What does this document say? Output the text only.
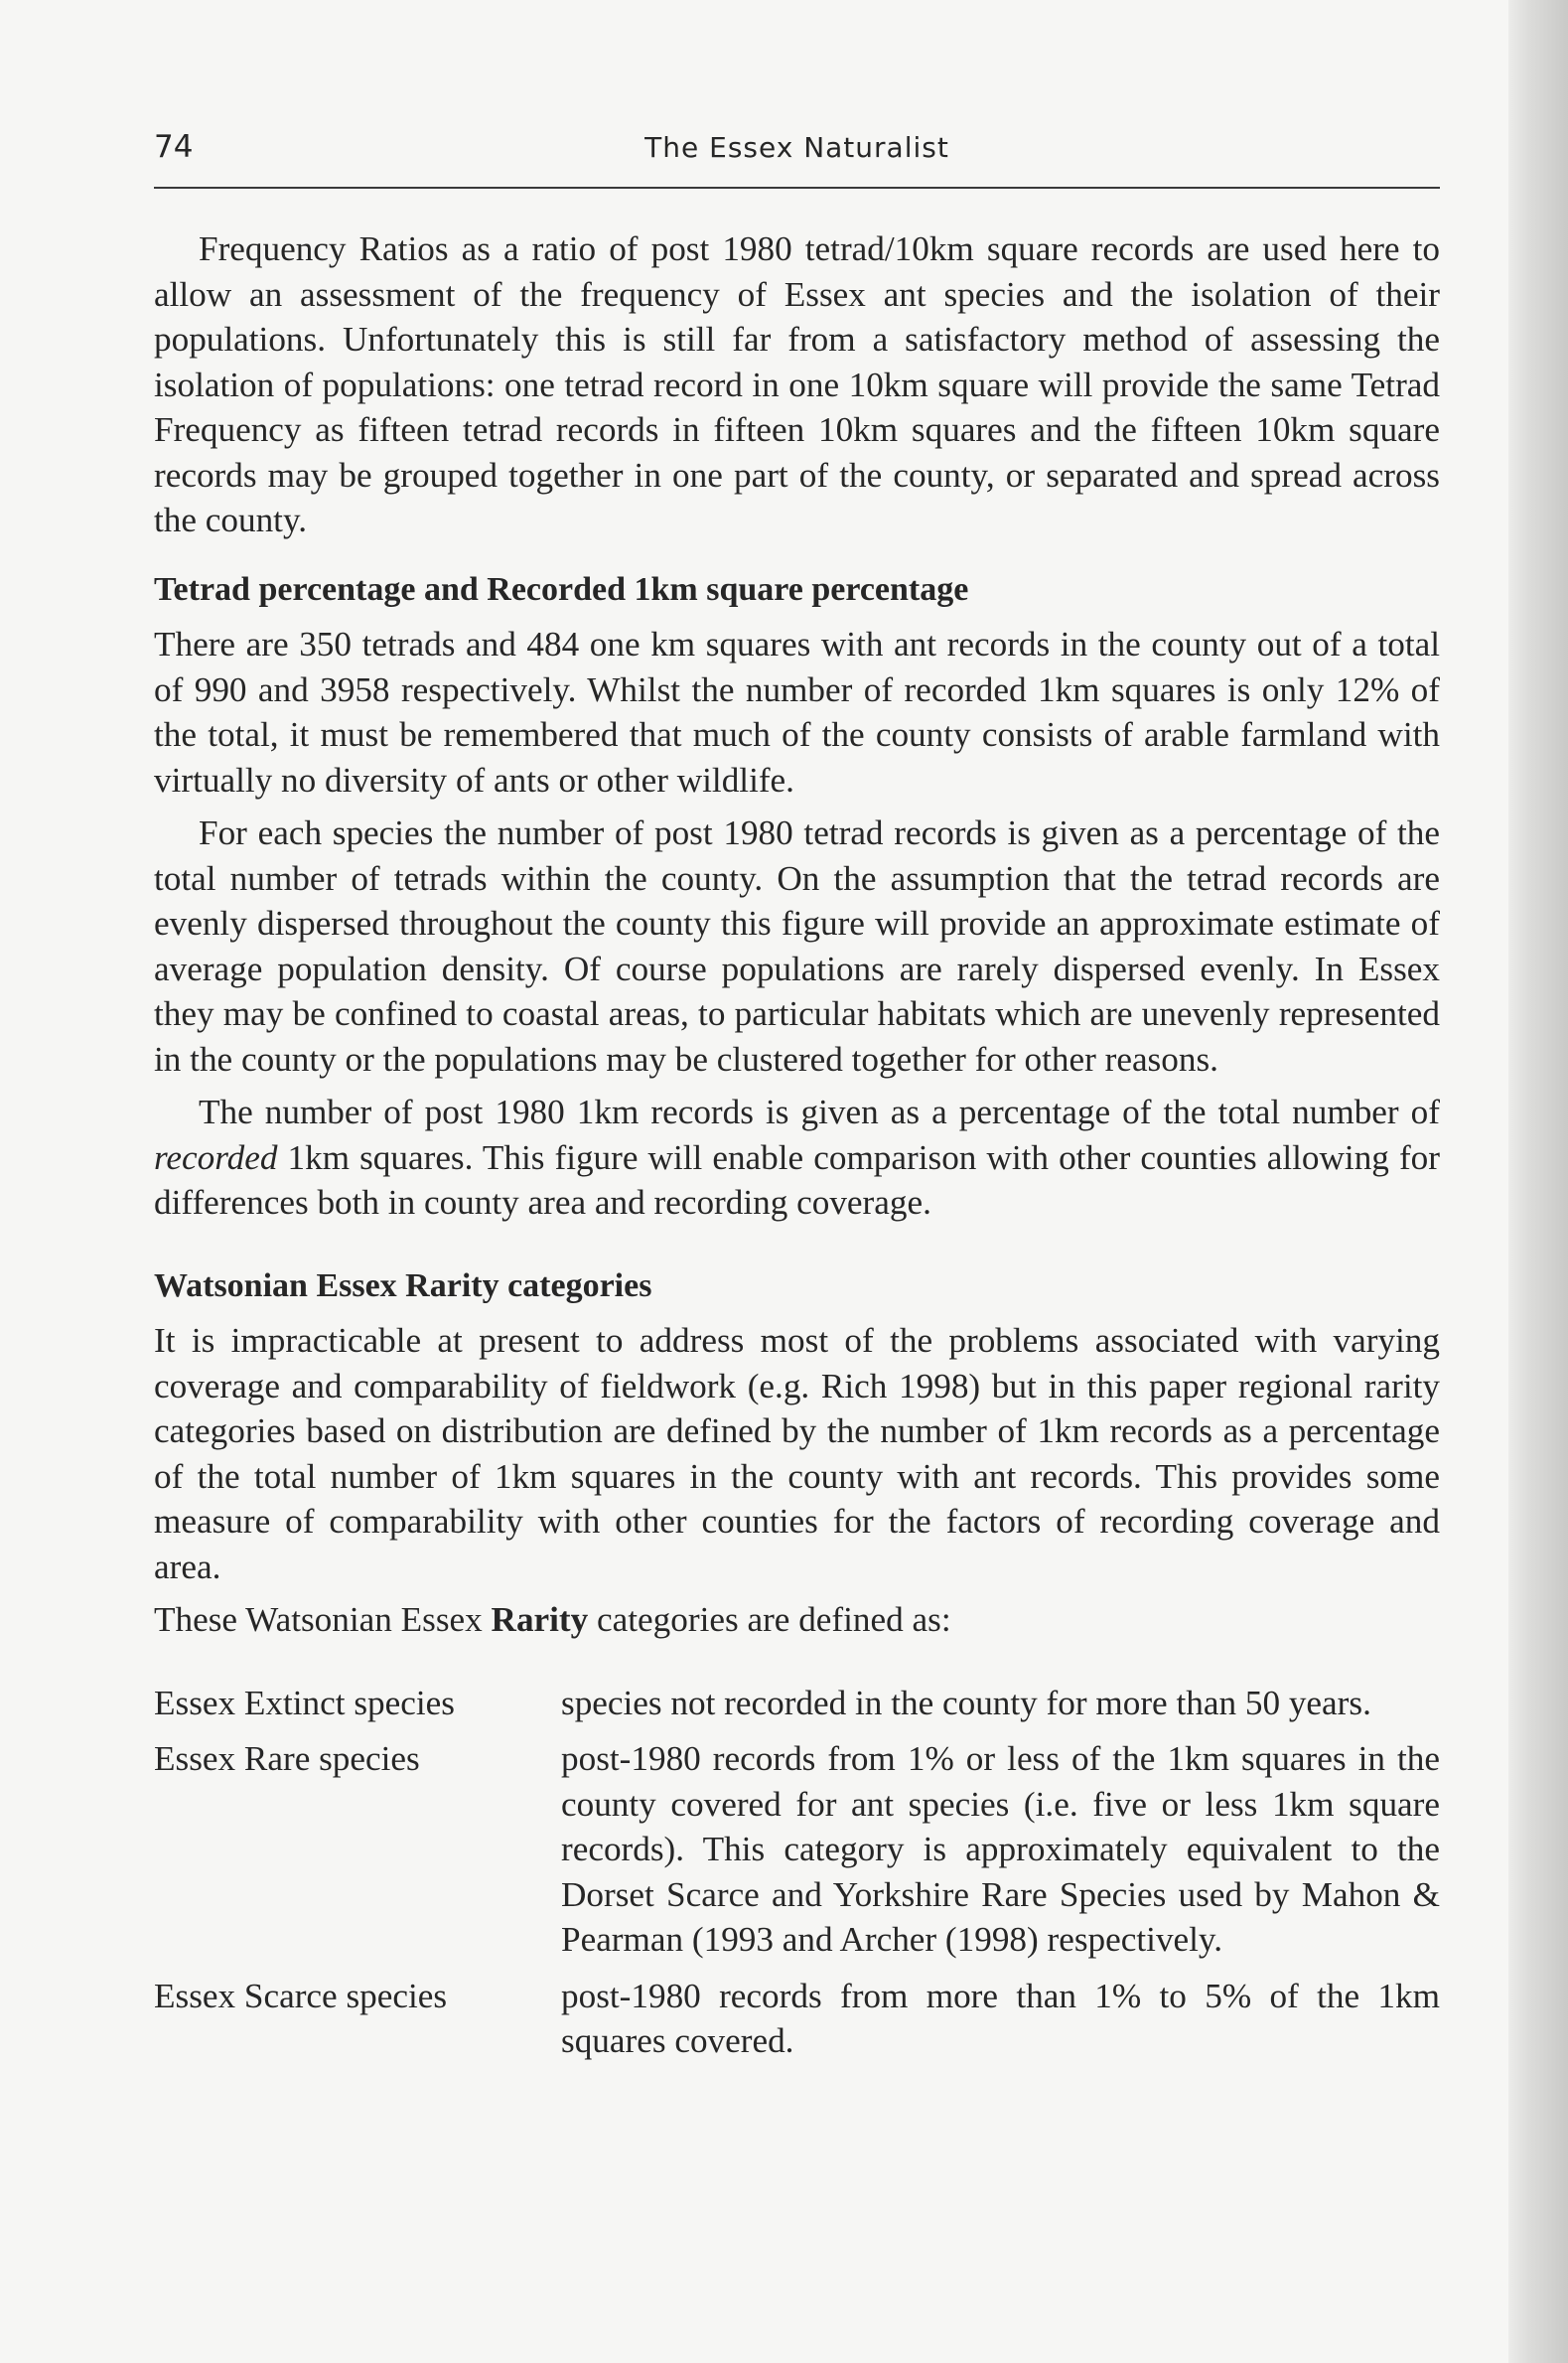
74	The Essex Naturalist

Frequency Ratios as a ratio of post 1980 tetrad/10km square records are used here to allow an assessment of the frequency of Essex ant species and the isolation of their populations. Unfortunately this is still far from a satisfactory method of assessing the isolation of populations: one tetrad record in one 10km square will provide the same Tetrad Frequency as fifteen tetrad records in fifteen 10km squares and the fifteen 10km square records may be grouped together in one part of the county, or separated and spread across the county.

Tetrad percentage and Recorded 1km square percentage

There are 350 tetrads and 484 one km squares with ant records in the county out of a total of 990 and 3958 respectively. Whilst the number of recorded 1km squares is only 12% of the total, it must be remembered that much of the county consists of arable farmland with virtually no diversity of ants or other wildlife.

For each species the number of post 1980 tetrad records is given as a percentage of the total number of tetrads within the county. On the assumption that the tetrad records are evenly dispersed throughout the county this figure will provide an approximate estimate of average population density. Of course populations are rarely dispersed evenly. In Essex they may be confined to coastal areas, to particular habitats which are unevenly represented in the county or the populations may be clustered together for other reasons.

The number of post 1980 1km records is given as a percentage of the total number of recorded 1km squares. This figure will enable comparison with other counties allowing for differences both in county area and recording coverage.

Watsonian Essex Rarity categories

It is impracticable at present to address most of the problems associated with varying coverage and comparability of fieldwork (e.g. Rich 1998) but in this paper regional rarity categories based on distribution are defined by the number of 1km records as a percentage of the total number of 1km squares in the county with ant records. This provides some measure of comparability with other counties for the factors of recording coverage and area.

These Watsonian Essex Rarity categories are defined as:

Essex Extinct species	species not recorded in the county for more than 50 years.
Essex Rare species	post-1980 records from 1% or less of the 1km squares in the county covered for ant species (i.e. five or less 1km square records). This category is approximately equivalent to the Dorset Scarce and Yorkshire Rare Species used by Mahon & Pearman (1993 and Archer (1998) respectively.
Essex Scarce species	post-1980 records from more than 1% to 5% of the 1km squares covered.
